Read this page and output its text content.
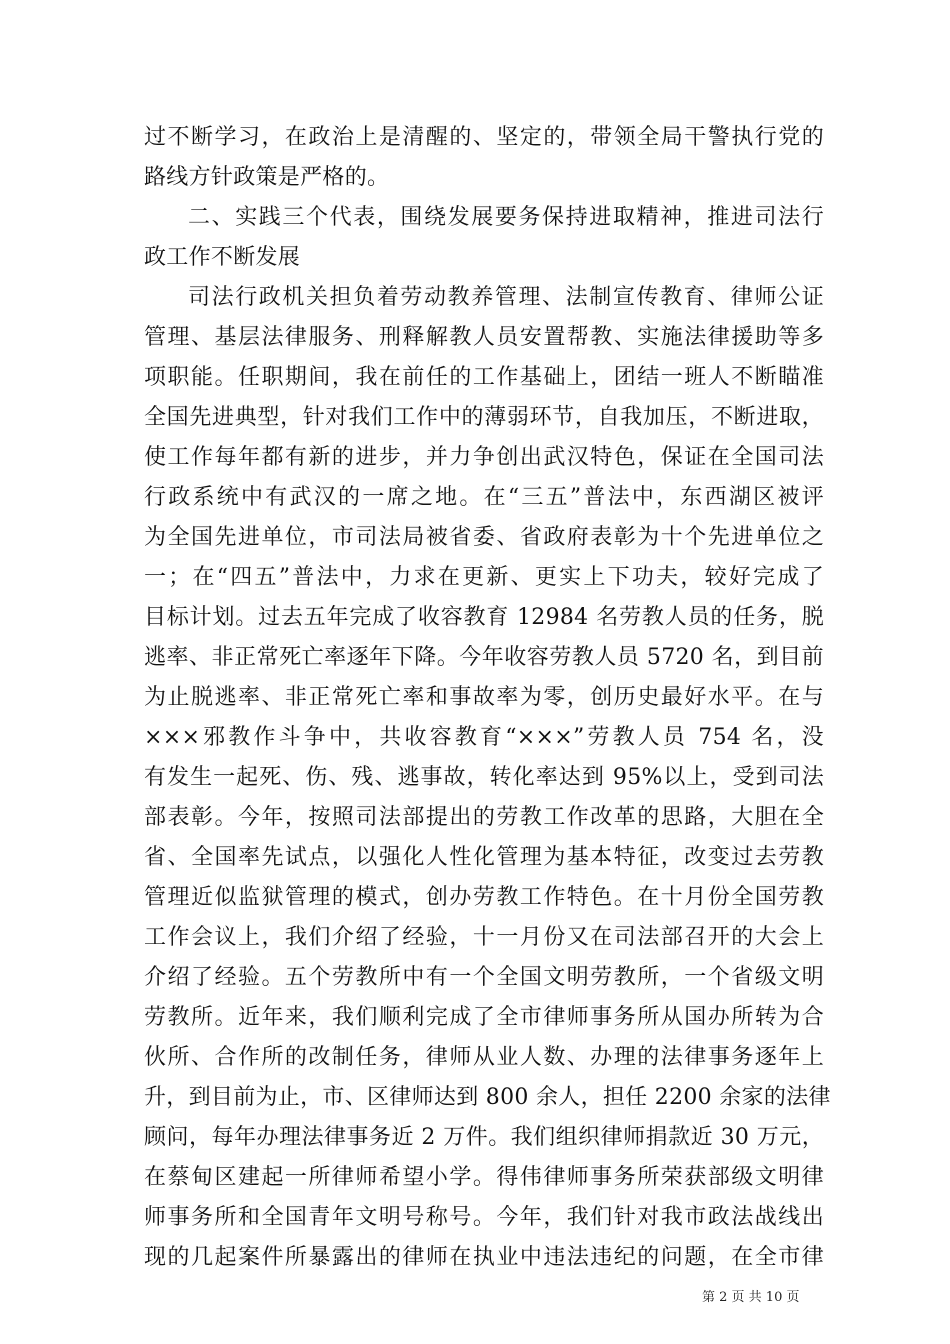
过不断学习，在政治上是清醒的、坚定的，带领全局干警执行党的
路线方针政策是严格的。
二、实践三个代表，围绕发展要务保持进取精神，推进司法行
政工作不断发展
司法行政机关担负着劳动教养管理、法制宣传教育、律师公证
管理、基层法律服务、刑释解教人员安置帮教、实施法律援助等多
项职能。任职期间，我在前任的工作基础上，团结一班人不断瞄准
全国先进典型，针对我们工作中的薄弱环节，自我加压，不断进取，
使工作每年都有新的进步，并力争创出武汉特色，保证在全国司法
行政系统中有武汉的一席之地。在“三五”普法中，东西湖区被评
为全国先进单位，市司法局被省委、省政府表彰为十个先进单位之
一；在“四五”普法中，力求在更新、更实上下功夫，较好完成了
目标计划。过去五年完成了收容教育 12984 名劳教人员的任务，脱
逃率、非正常死亡率逐年下降。今年收容劳教人员 5720 名，到目前
为止脱逃率、非正常死亡率和事故率为零，创历史最好水平。在与
×××邪教作斗争中，共收容教育“×××”劳教人员 754 名，没
有发生一起死、伤、残、逃事故，转化率达到 95%以上，受到司法
部表彰。今年，按照司法部提出的劳教工作改革的思路，大胆在全
省、全国率先试点，以强化人性化管理为基本特征，改变过去劳教
管理近似监狱管理的模式，创办劳教工作特色。在十月份全国劳教
工作会议上，我们介绍了经验，十一月份又在司法部召开的大会上
介绍了经验。五个劳教所中有一个全国文明劳教所，一个省级文明
劳教所。近年来，我们顺利完成了全市律师事务所从国办所转为合
伙所、合作所的改制任务，律师从业人数、办理的法律事务逐年上
升，到目前为止，市、区律师达到 800 余人，担任 2200 余家的法律
顾问，每年办理法律事务近 2 万件。我们组织律师捐款近 30 万元，
在蔡甸区建起一所律师希望小学。得伟律师事务所荣获部级文明律
师事务所和全国青年文明号称号。今年，我们针对我市政法战线出
现的几起案件所暴露出的律师在执业中违法违纪的问题，在全市律
第 2 页 共 10 页
